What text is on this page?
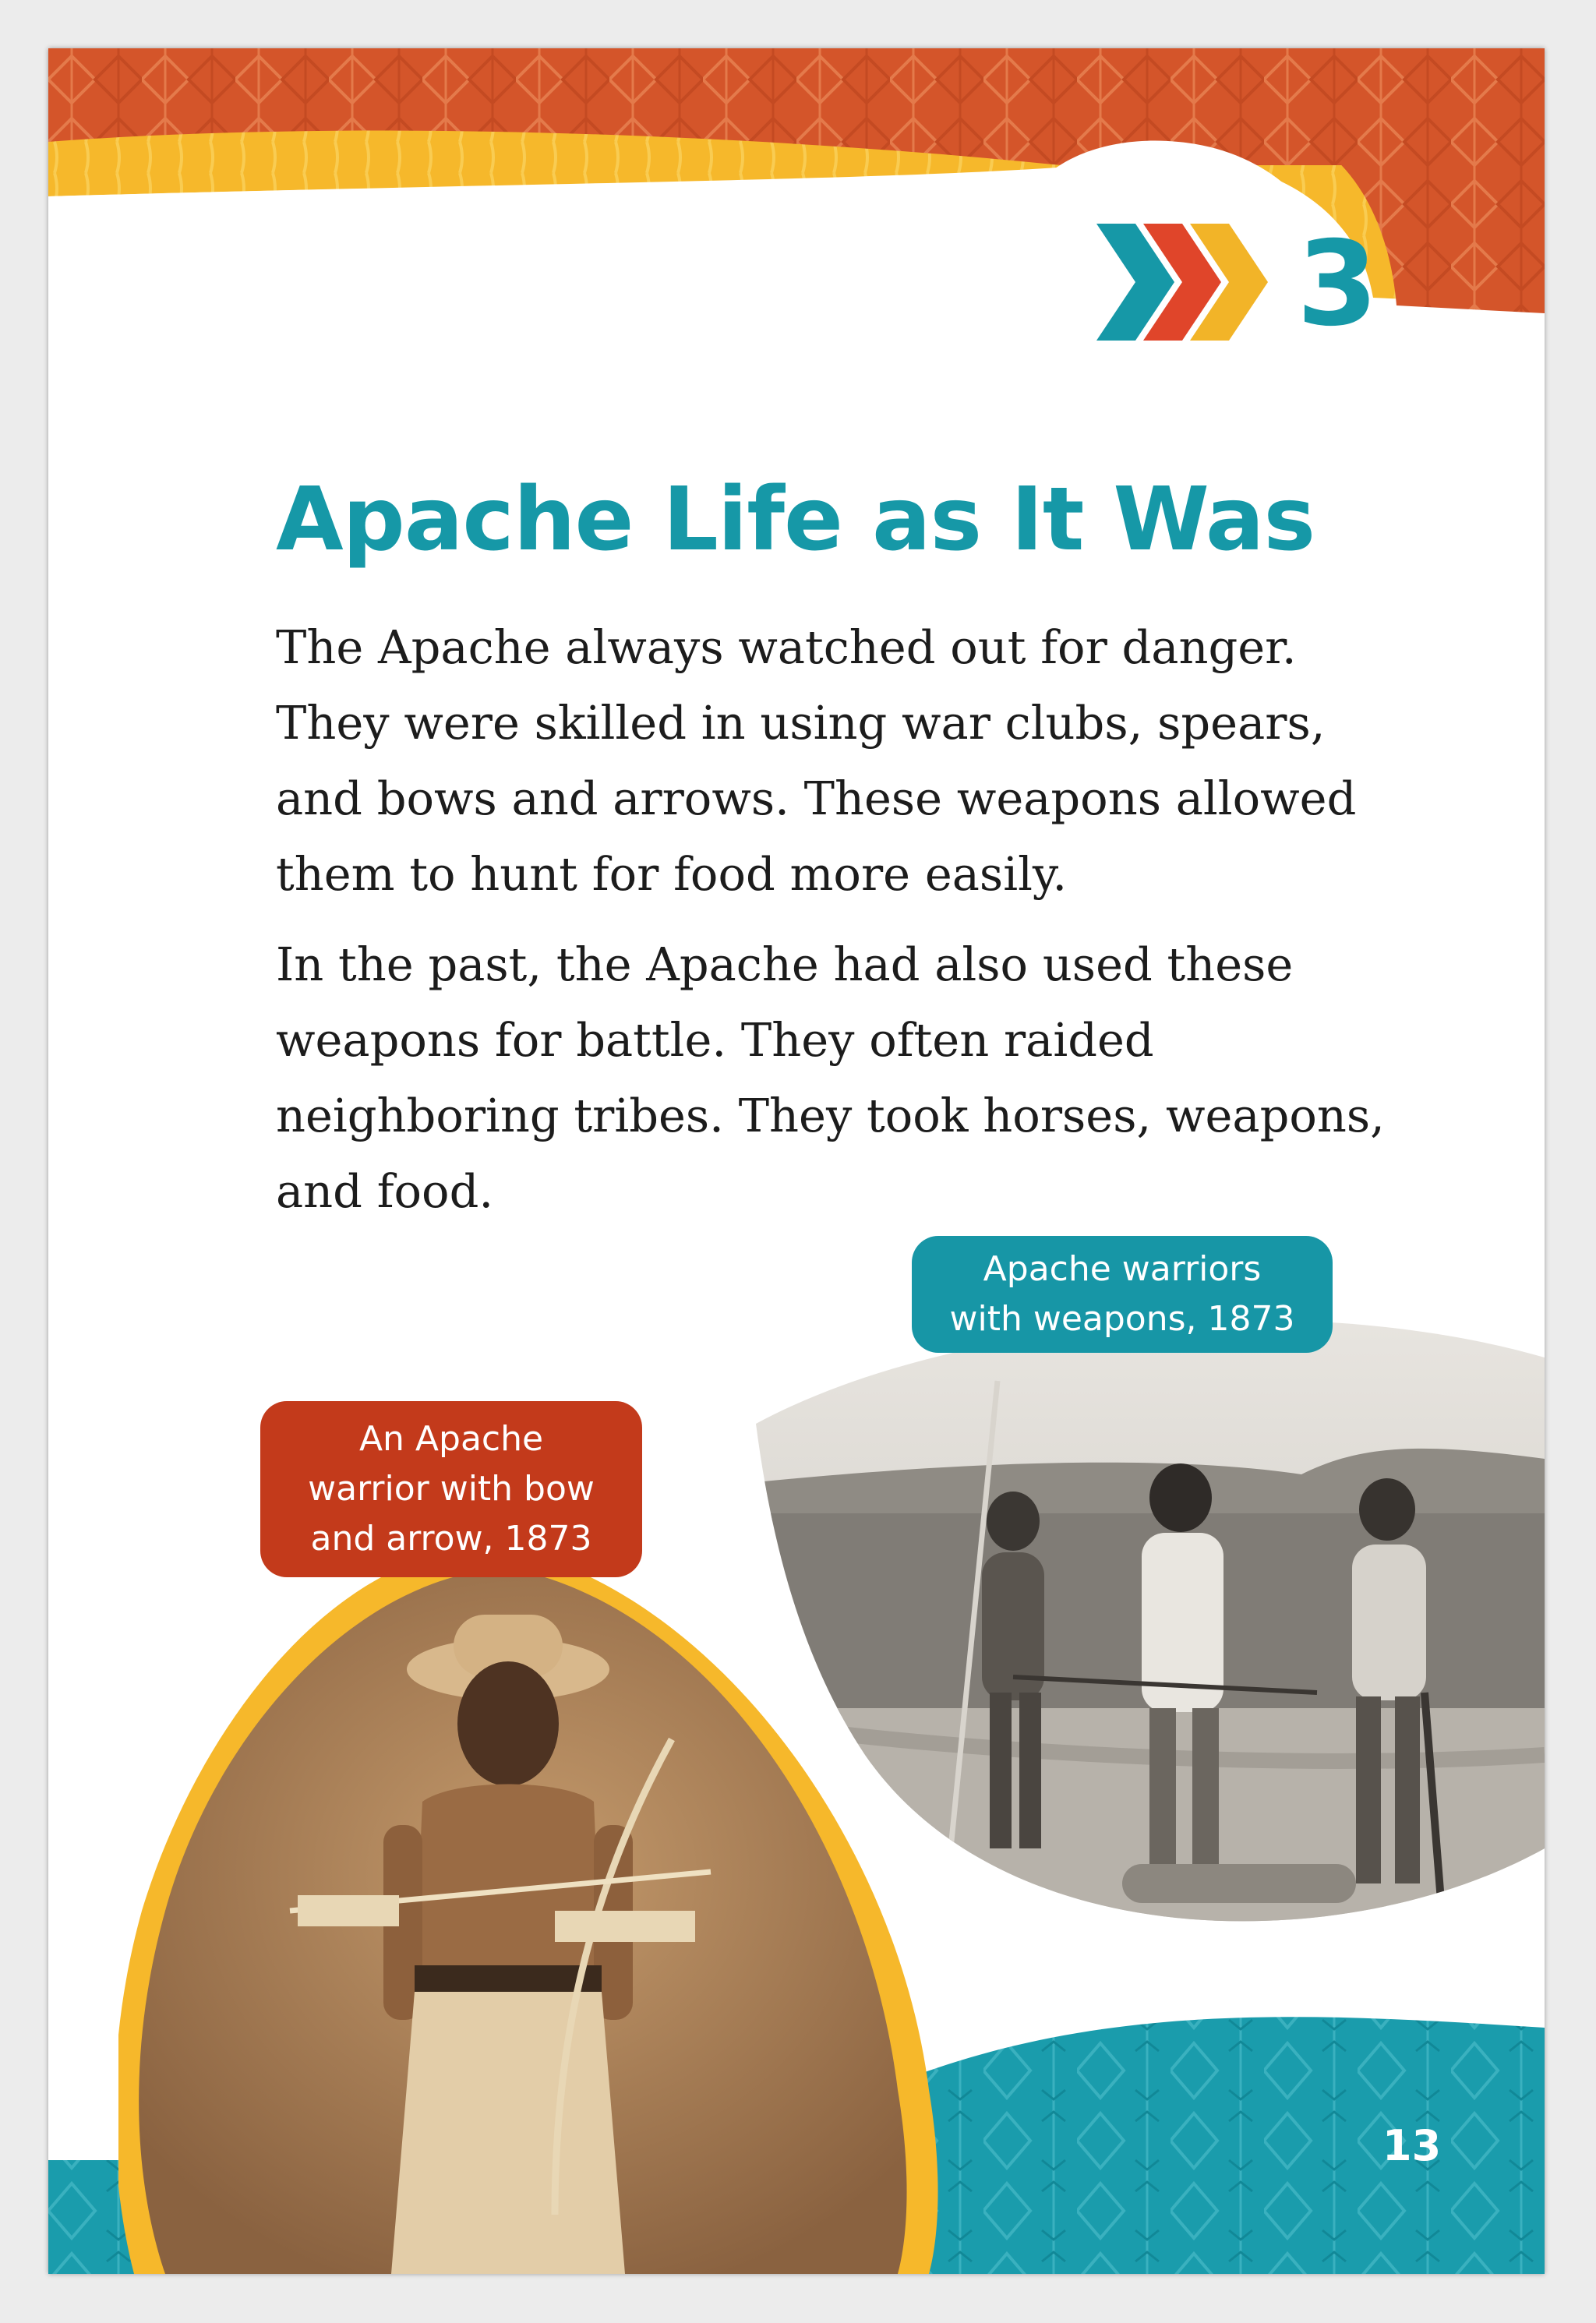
3
Apache Life as It Was

The Apache always watched out for danger.
They were skilled in using war clubs, spears,
and bows and arrows. These weapons allowed
them to hunt for food more easily.

In the past, the Apache had also used these
weapons for battle. They often raided
neighboring tribes. They took horses, weapons,
and food.

Apache warriors
with weapons, 1873
An Apache
warrior with bow
and arrow, 1873
13
